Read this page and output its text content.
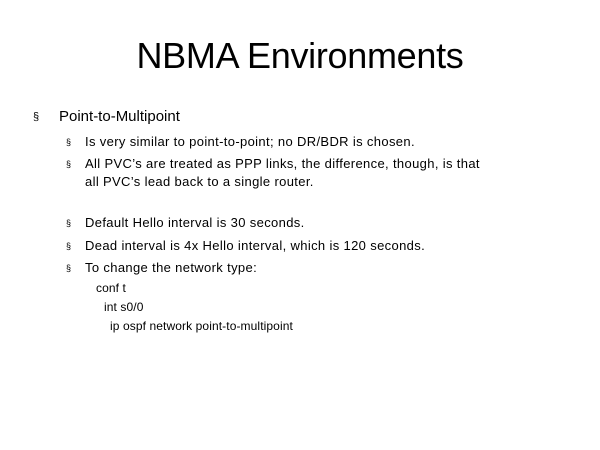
NBMA Environments
§ Point-to-Multipoint
§ Is very similar to point-to-point; no DR/BDR is chosen.
§ All PVC’s are treated as PPP links, the difference, though, is that
all PVC’s lead back to a single router.
§ Default Hello interval is 30 seconds.
§ Dead interval is 4x Hello interval, which is 120 seconds.
§ To change the network type:
conf t
int s0/0
ip ospf network point-to-multipoint
